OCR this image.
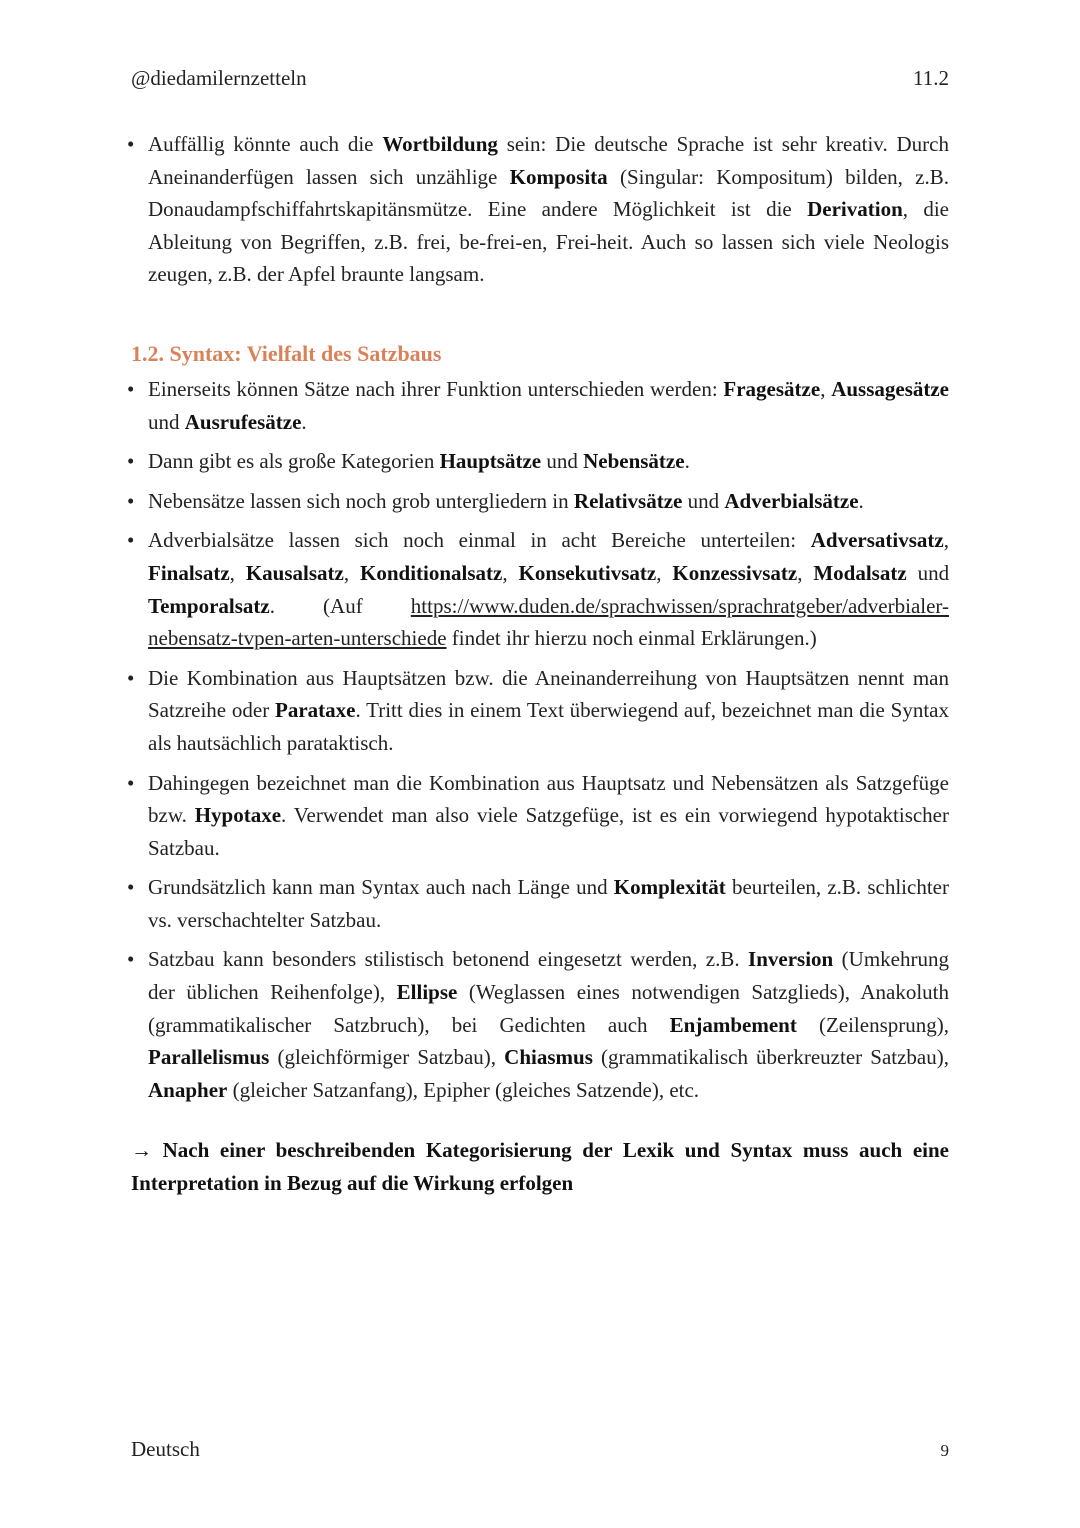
@diedamilernzetteln	11.2
• Auffällig könnte auch die Wortbildung sein: Die deutsche Sprache ist sehr kreativ. Durch Aneinanderfügen lassen sich unzählige Komposita (Singular: Kompositum) bilden, z.B. Donaudampfschiffahrtskapitänsmütze. Eine andere Möglichkeit ist die Derivation, die Ableitung von Begriffen, z.B. frei, be-frei-en, Frei-heit. Auch so lassen sich viele Neologis zeugen, z.B. der Apfel braunte langsam.
1.2. Syntax: Vielfalt des Satzbaus
• Einerseits können Sätze nach ihrer Funktion unterschieden werden: Fragesätze, Aussagesätze und Ausrufesätze.
• Dann gibt es als große Kategorien Hauptsätze und Nebensätze.
• Nebensätze lassen sich noch grob untergliedern in Relativsätze und Adverbialsätze.
• Adverbialsätze lassen sich noch einmal in acht Bereiche unterteilen: Adversativsatz, Finalsatz, Kausalsatz, Konditionalsatz, Konsekutivsatz, Konzessivsatz, Modalsatz und Temporalsatz. (Auf https://www.duden.de/sprachwissen/sprachratgeber/adverbialer-nebensatz-tvpen-arten-unterschiede findet ihr hierzu noch einmal Erklärungen.)
• Die Kombination aus Hauptsätzen bzw. die Aneinanderreihung von Hauptsätzen nennt man Satzreihe oder Parataxe. Tritt dies in einem Text überwiegend auf, bezeichnet man die Syntax als hautsächlich parataktisch.
• Dahingegen bezeichnet man die Kombination aus Hauptsatz und Nebensätzen als Satzgefüge bzw. Hypotaxe. Verwendet man also viele Satzgefüge, ist es ein vorwiegend hypotaktischer Satzbau.
• Grundsätzlich kann man Syntax auch nach Länge und Komplexität beurteilen, z.B. schlichter vs. verschachtelter Satzbau.
• Satzbau kann besonders stilistisch betonend eingesetzt werden, z.B. Inversion (Umkehrung der üblichen Reihenfolge), Ellipse (Weglassen eines notwendigen Satzglieds), Anakoluth (grammatikalischer Satzbruch), bei Gedichten auch Enjambement (Zeilensprung), Parallelismus (gleichförmiger Satzbau), Chiasmus (grammatikalisch überkreuzter Satzbau), Anapher (gleicher Satzanfang), Epipher (gleiches Satzende), etc.
→ Nach einer beschreibenden Kategorisierung der Lexik und Syntax muss auch eine Interpretation in Bezug auf die Wirkung erfolgen
Deutsch	9
